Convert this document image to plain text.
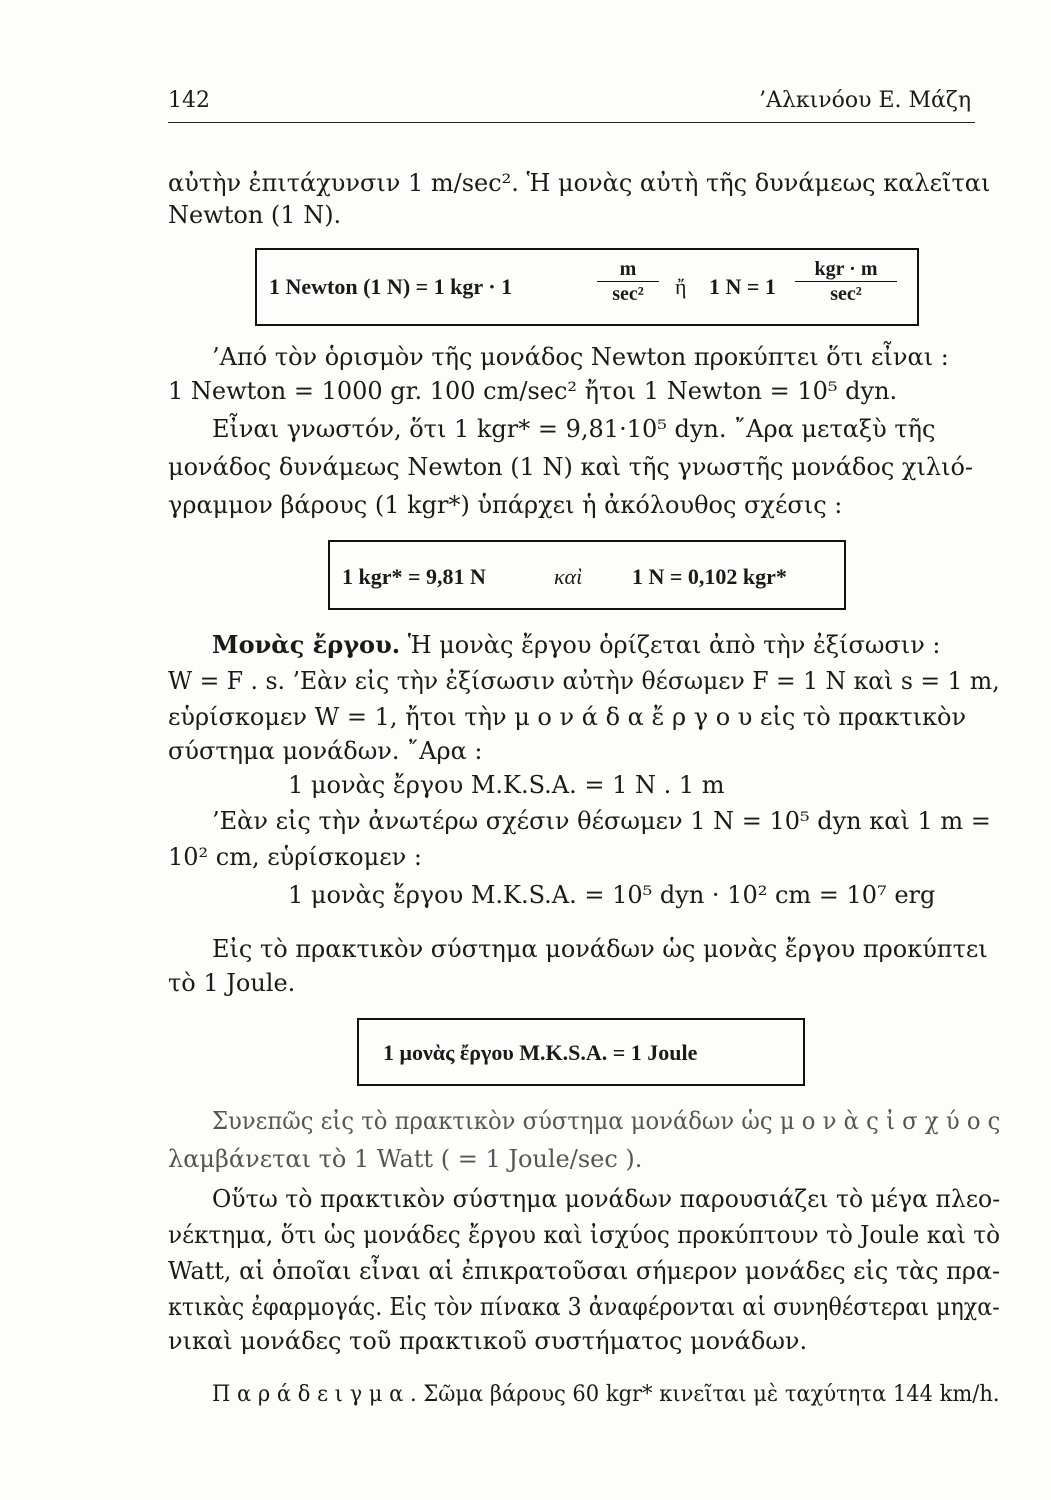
142	’Αλκινόου Ε. Μάζη
αὐτὴν ἐπιτάχυνσιν 1 m/sec². Ἡ μονὰς αὐτὴ τῆς δυνάμεως καλεῖται
Newton (1 N).
1 Newton (1 N) = 1 kgr · 1
m
sec²	ἤ 1 N = 1
kgr · m
sec²
’Από τὸν ὁρισμὸν τῆς μονάδος Newton προκύπτει ὅτι εἶναι :
1 Newton = 1000 gr. 100 cm/sec² ἤτοι 1 Newton = 10⁵ dyn.
Εἶναι γνωστόν, ὅτι 1 kgr* = 9,81·10⁵ dyn. ῎Αρα μεταξὺ τῆς
μονάδος δυνάμεως Newton (1 N) καὶ τῆς γνωστῆς μονάδος χιλιό-
γραμμον βάρους (1 kgr*) ὑπάρχει ἡ ἀκόλουθος σχέσις :
1 kgr* = 9,81 N	καὶ 1 N = 0,102 kgr*
Μονὰς ἔργου. Ἡ μονὰς ἔργου ὁρίζεται ἀπὸ τὴν ἐξίσωσιν :
W = F . s. ’Εὰν εἰς τὴν ἐξίσωσιν αὐτὴν θέσωμεν F = 1 N καὶ s = 1 m,
εὑρίσκομεν W = 1, ἤτοι τὴν μ ο ν ά δ α ἔ ρ γ ο υ εἰς τὸ πρακτικὸν
σύστημα μονάδων. ῎Αρα :
1 μονὰς ἔργου M.K.S.A. = 1 N . 1 m
’Εὰν εἰς τὴν ἀνωτέρω σχέσιν θέσωμεν 1 N = 10⁵ dyn καὶ 1 m =
10² cm, εὑρίσκομεν :
1 μονὰς ἔργου M.K.S.A. = 10⁵ dyn · 10² cm = 10⁷ erg
Εἰς τὸ πρακτικὸν σύστημα μονάδων ὡς μονὰς ἔργου προκύπτει
τὸ 1 Joule.
1 μονὰς ἔργου M.K.S.A. = 1 Joule
Συνεπῶς εἰς τὸ πρακτικὸν σύστημα μονάδων ὡς μ ο ν ὰ ς ἰ σ χ ύ ο ς
λαμβάνεται τὸ 1 Watt ( = 1 Joule/sec ).
Οὕτω τὸ πρακτικὸν σύστημα μονάδων παρουσιάζει τὸ μέγα πλεο-
νέκτημα, ὅτι ὡς μονάδες ἔργου καὶ ἰσχύος προκύπτουν τὸ Joule καὶ τὸ
Watt, αἱ ὁποῖαι εἶναι αἱ ἐπικρατοῦσαι σήμερον μονάδες εἰς τὰς πρα-
κτικὰς ἐφαρμογάς. Εἰς τὸν πίνακα 3 ἀναφέρονται αἱ συνηθέστεραι μηχα-
νικαὶ μονάδες τοῦ πρακτικοῦ συστήματος μονάδων.
Π α ρ ά δ ε ι γ μ α . Σῶμα βάρους 60 kgr* κινεῖται μὲ ταχύτητα 144 km/h.
